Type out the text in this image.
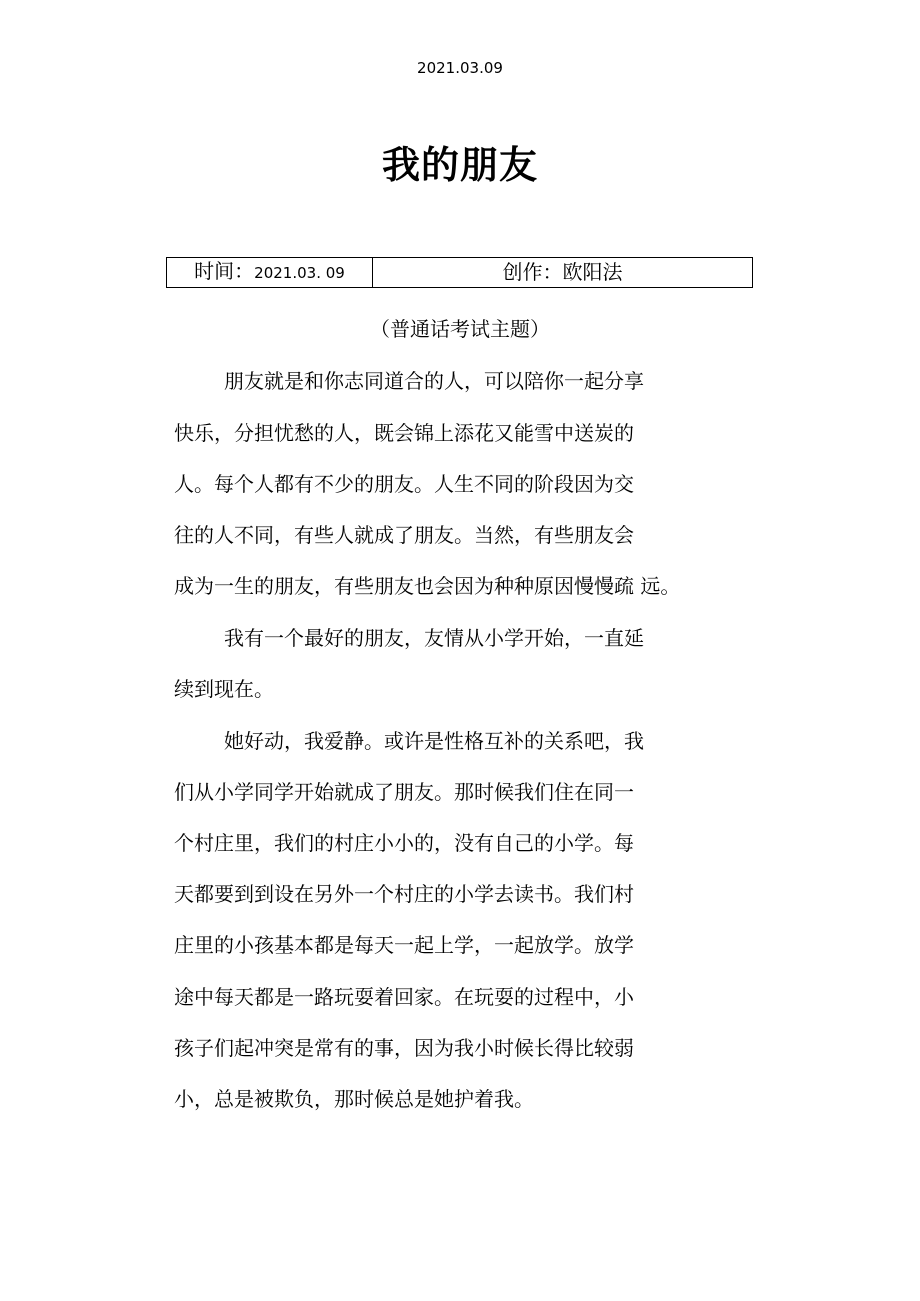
2021.03.09
我的朋友
时间：2021.03. 09	创作：欧阳法
（普通话考试主题）

朋友就是和你志同道合的人，可以陪你一起分享

快乐，分担忧愁的人，既会锦上添花又能雪中送炭的

人。每个人都有不少的朋友。人生不同的阶段因为交

往的人不同，有些人就成了朋友。当然，有些朋友会

成为一生的朋友，有些朋友也会因为种种原因慢慢疏 远。

我有一个最好的朋友，友情从小学开始，一直延

续到现在。

她好动，我爱静。或许是性格互补的关系吧，我

们从小学同学开始就成了朋友。那时候我们住在同一

个村庄里，我们的村庄小小的，没有自己的小学。每

天都要到到设在另外一个村庄的小学去读书。我们村

庄里的小孩基本都是每天一起上学，一起放学。放学

途中每天都是一路玩耍着回家。在玩耍的过程中，小

孩子们起冲突是常有的事，因为我小时候长得比较弱

小，总是被欺负，那时候总是她护着我。
